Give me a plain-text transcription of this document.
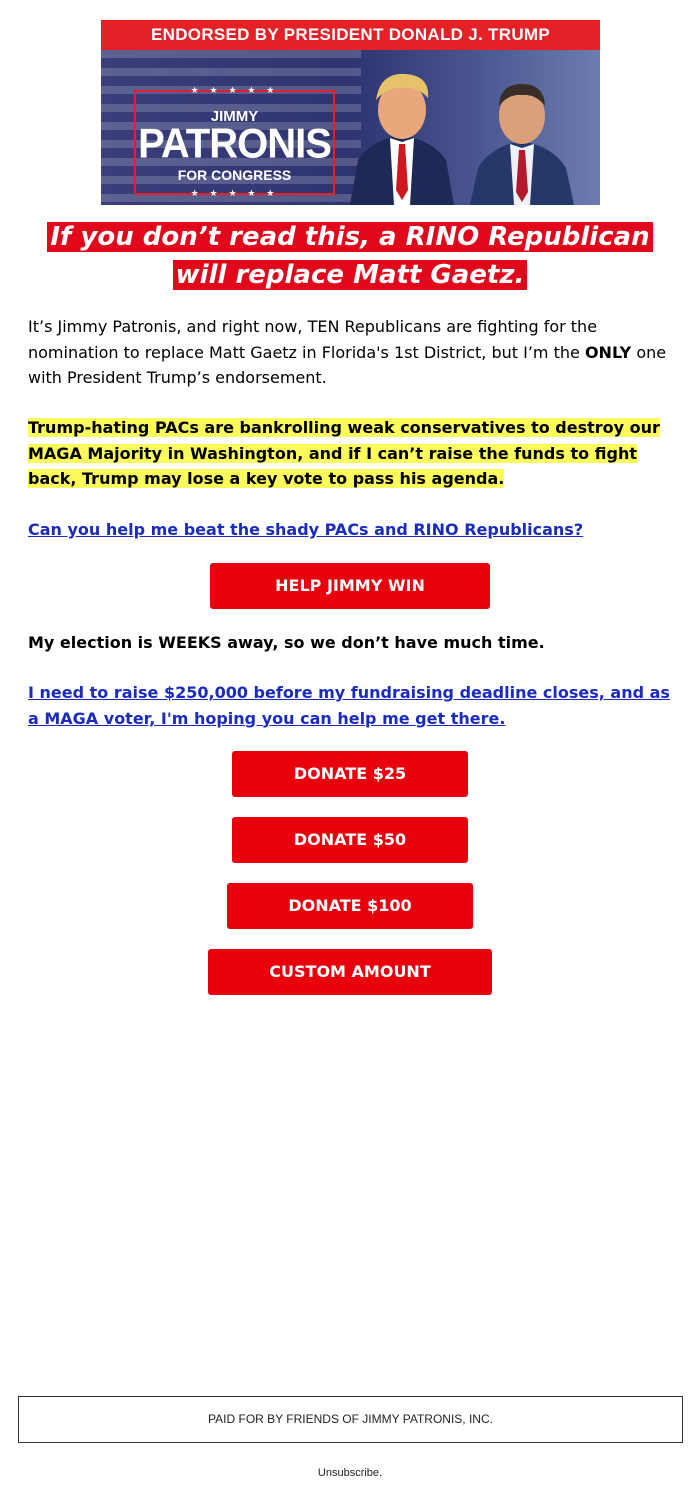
ENDORSED BY PRESIDENT DONALD J. TRUMP
★ ★ ★ ★ ★
JIMMY
PATRONIS
FOR CONGRESS
★ ★ ★ ★ ★
If you don’t read this, a RINO Republican
will replace Matt Gaetz.
It’s Jimmy Patronis, and right now, TEN Republicans are fighting for the nomination to replace Matt Gaetz in Florida's 1st District, but I’m the ONLY one with President Trump’s endorsement.
Trump-hating PACs are bankrolling weak conservatives to destroy our MAGA Majority in Washington, and if I can’t raise the funds to fight back, Trump may lose a key vote to pass his agenda.
Can you help me beat the shady PACs and RINO Republicans?
HELP JIMMY WIN
My election is WEEKS away, so we don’t have much time.
I need to raise $250,000 before my fundraising deadline closes, and as a MAGA voter, I'm hoping you can help me get there.
DONATE $25
DONATE $50
DONATE $100
CUSTOM AMOUNT
PAID FOR BY FRIENDS OF JIMMY PATRONIS, INC.
Unsubscribe.
